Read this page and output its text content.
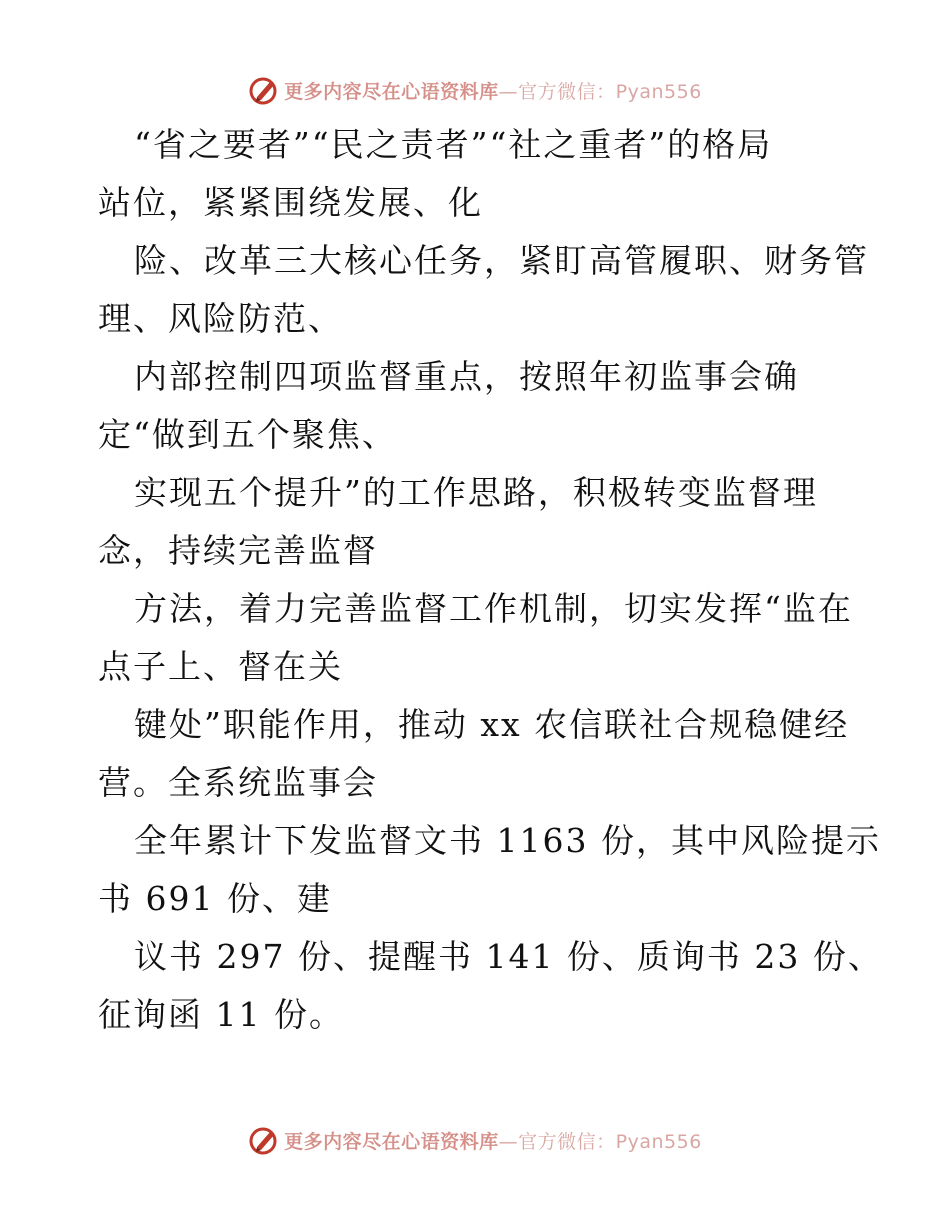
更多内容尽在心语资料库—官方微信：Pyan556
“省之要者”“民之责者”“社之重者”的格局
站位，紧紧围绕发展、化
险、改革三大核心任务，紧盯高管履职、财务管
理、风险防范、
内部控制四项监督重点，按照年初监事会确
定“做到五个聚焦、
实现五个提升”的工作思路，积极转变监督理
念，持续完善监督
方法，着力完善监督工作机制，切实发挥“监在
点子上、督在关
键处”职能作用，推动 xx 农信联社合规稳健经
营。全系统监事会
全年累计下发监督文书 1163 份，其中风险提示
书 691 份、建
议书 297 份、提醒书 141 份、质询书 23 份、
征询函 11 份。
更多内容尽在心语资料库—官方微信：Pyan556
